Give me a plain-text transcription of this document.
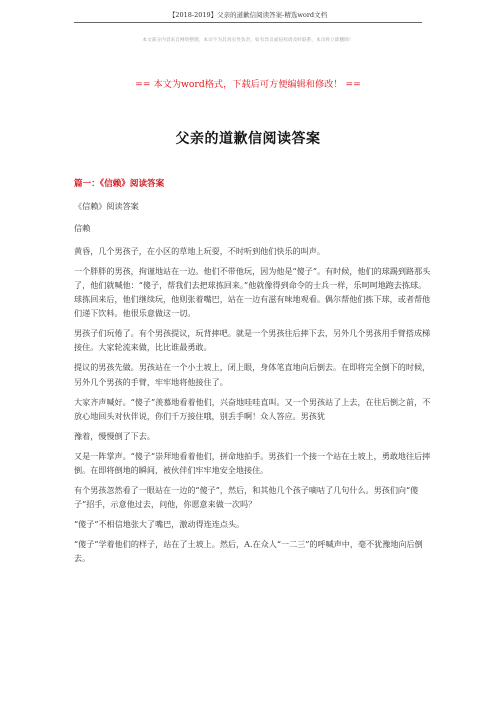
【2018-2019】父亲的道歉信阅读答案-精选word文档
本文部分内容来自网络整理，本司不为其真实性负责，如有异议或侵权请及时联系，本司将立即删除！
== 本文为word格式，下载后可方便编辑和修改！ ==
父亲的道歉信阅读答案

篇一：《信赖》阅读答案

《信赖》阅读答案

信赖

黄昏，几个男孩子，在小区的草地上玩耍，不时听到他们快乐的叫声。

一个胖胖的男孩，拘谨地站在一边。他们不带他玩，因为他是“傻子”。有时候，他们的球踢到路那头了，他们就喊他：“傻子，帮我们去把球拣回来。”他就像得到命令的士兵一样，乐呵呵地跑去拣球。球拣回来后，他们继续玩，他则张着嘴巴，站在一边有滋有味地观看。偶尔帮他们拣下球，或者帮他们递下饮料。他很乐意做这一切。

男孩子们玩倦了。有个男孩提议，玩背摔吧。就是一个男孩往后摔下去，另外几个男孩用手臂搭成梯接住。大家轮流来做，比比谁最勇敢。

提议的男孩先做。男孩站在一个小土坡上，闭上眼，身体笔直地向后倒去。在即将完全倒下的时候，另外几个男孩的手臂，牢牢地将他接住了。

大家齐声喊好。“傻子”羡慕地看着他们，兴奋地哇哇直叫。又一个男孩站了上去，在往后倒之前，不放心地回头对伙伴说，你们千万接住哦，别丢手啊！众人答应。男孩犹

豫着，慢慢倒了下去。

又是一阵掌声。“傻子”崇拜地看着他们，拼命地拍手。男孩们一个接一个站在土坡上，勇敢地往后摔倒。在即将倒地的瞬间，被伙伴们牢牢地安全地接住。

有个男孩忽然看了一眼站在一边的“傻子”，然后，和其他几个孩子嘀咕了几句什么。男孩们向“傻子”招手，示意他过去，问他，你愿意来做一次吗？

“傻子”不相信地张大了嘴巴，激动得连连点头。

“傻子”学着他们的样子，站在了土坡上。然后，A.在众人“一二三”的呼喊声中，毫不犹豫地向后倒去。
